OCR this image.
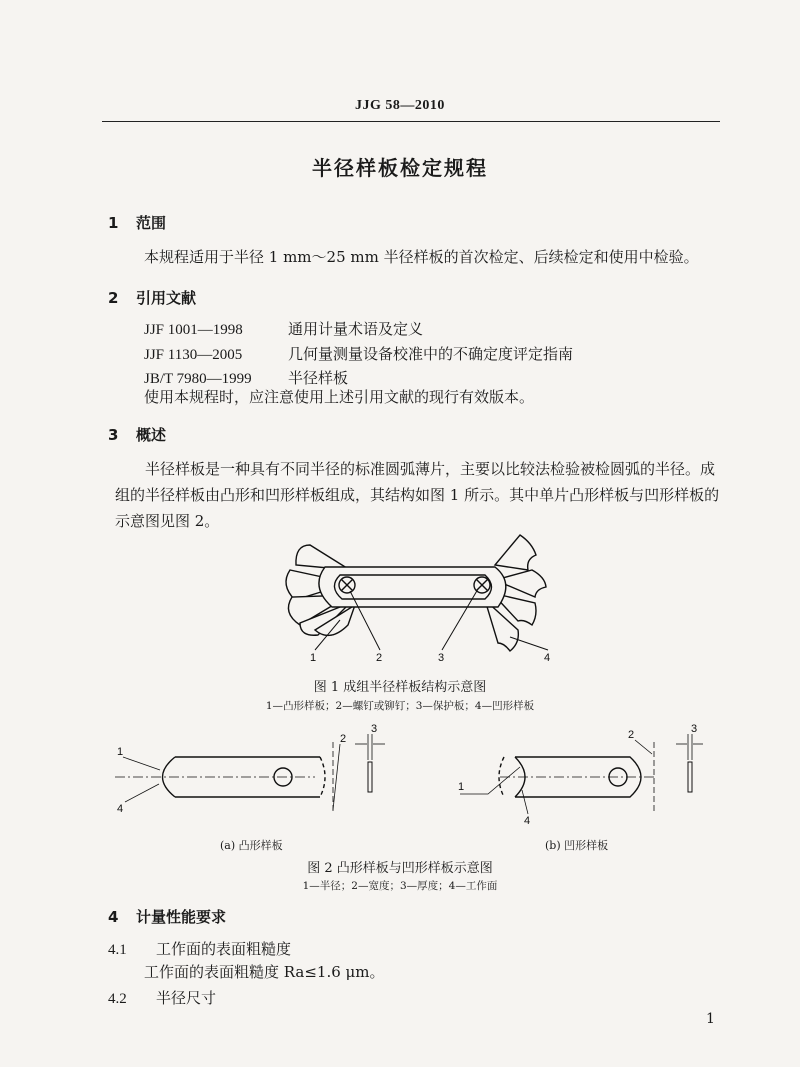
JJG 58—2010
半径样板检定规程
1 范围
本规程适用于半径 1 mm～25 mm 半径样板的首次检定、后续检定和使用中检验。
2 引用文献
JJF 1001—1998	通用计量术语及定义
JJF 1130—2005	几何量测量设备校准中的不确定度评定指南
JB/T 7980—1999 半径样板
使用本规程时，应注意使用上述引用文献的现行有效版本。
3 概述
半径样板是一种具有不同半径的标准圆弧薄片，主要以比较法检验被检圆弧的半径。成组的半径样板由凸形和凹形样板组成，其结构如图 1 所示。其中单片凸形样板与凹形样板的示意图见图 2。
1	2	3	4
图 1 成组半径样板结构示意图
1—凸形样板；2—螺钉或铆钉；3—保护板；4—凹形样板
1
2
3
4
1
2	3
4
(a) 凸形样板	(b) 凹形样板
图 2 凸形样板与凹形样板示意图
1—半径；2—宽度；3—厚度；4—工作面
4 计量性能要求
4.1 工作面的表面粗糙度
工作面的表面粗糙度 Ra≤1.6 μm。
4.2 半径尺寸
1
